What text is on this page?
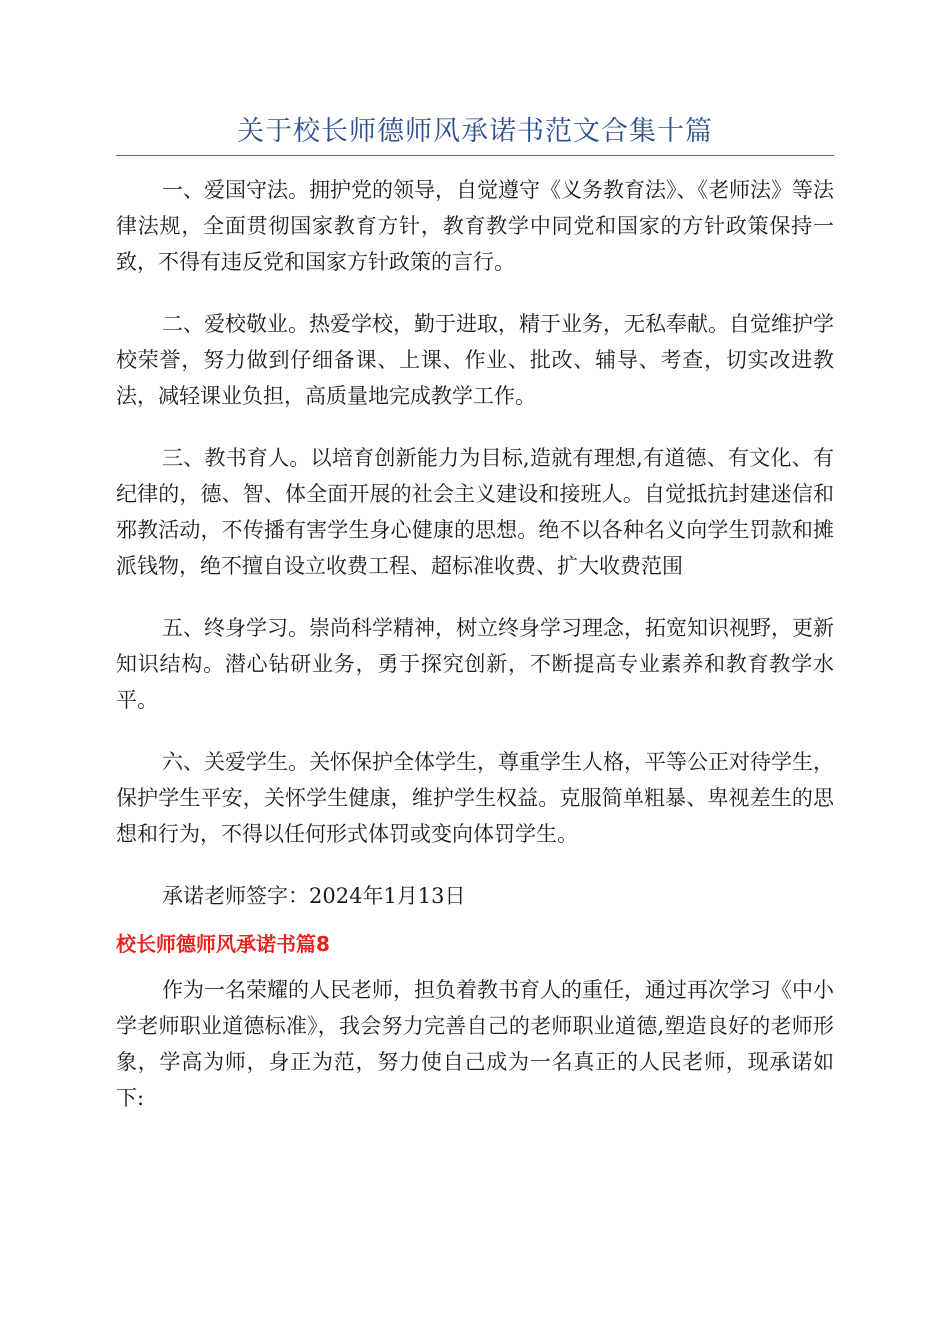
关于校长师德师风承诺书范文合集十篇

一、爱国守法。拥护党的领导，自觉遵守《义务教育法》、《老师法》等法律法规，全面贯彻国家教育方针，教育教学中同党和国家的方针政策保持一致，不得有违反党和国家方针政策的言行。

二、爱校敬业。热爱学校，勤于进取，精于业务，无私奉献。自觉维护学校荣誉，努力做到仔细备课、上课、作业、批改、辅导、考查，切实改进教法，减轻课业负担，高质量地完成教学工作。

三、教书育人。以培育创新能力为目标,造就有理想,有道德、有文化、有纪律的，德、智、体全面开展的社会主义建设和接班人。自觉抵抗封建迷信和邪教活动，不传播有害学生身心健康的思想。绝不以各种名义向学生罚款和摊派钱物，绝不擅自设立收费工程、超标准收费、扩大收费范围

五、终身学习。崇尚科学精神，树立终身学习理念，拓宽知识视野，更新知识结构。潜心钻研业务，勇于探究创新，不断提高专业素养和教育教学水平。

六、关爱学生。关怀保护全体学生，尊重学生人格，平等公正对待学生，保护学生平安，关怀学生健康，维护学生权益。克服简单粗暴、卑视差生的思想和行为，不得以任何形式体罚或变向体罚学生。

承诺老师签字：2024年1月13日

校长师德师风承诺书篇8

作为一名荣耀的人民老师，担负着教书育人的重任，通过再次学习《中小学老师职业道德标准》，我会努力完善自己的老师职业道德,塑造良好的老师形象，学高为师，身正为范，努力使自己成为一名真正的人民老师，现承诺如下:
